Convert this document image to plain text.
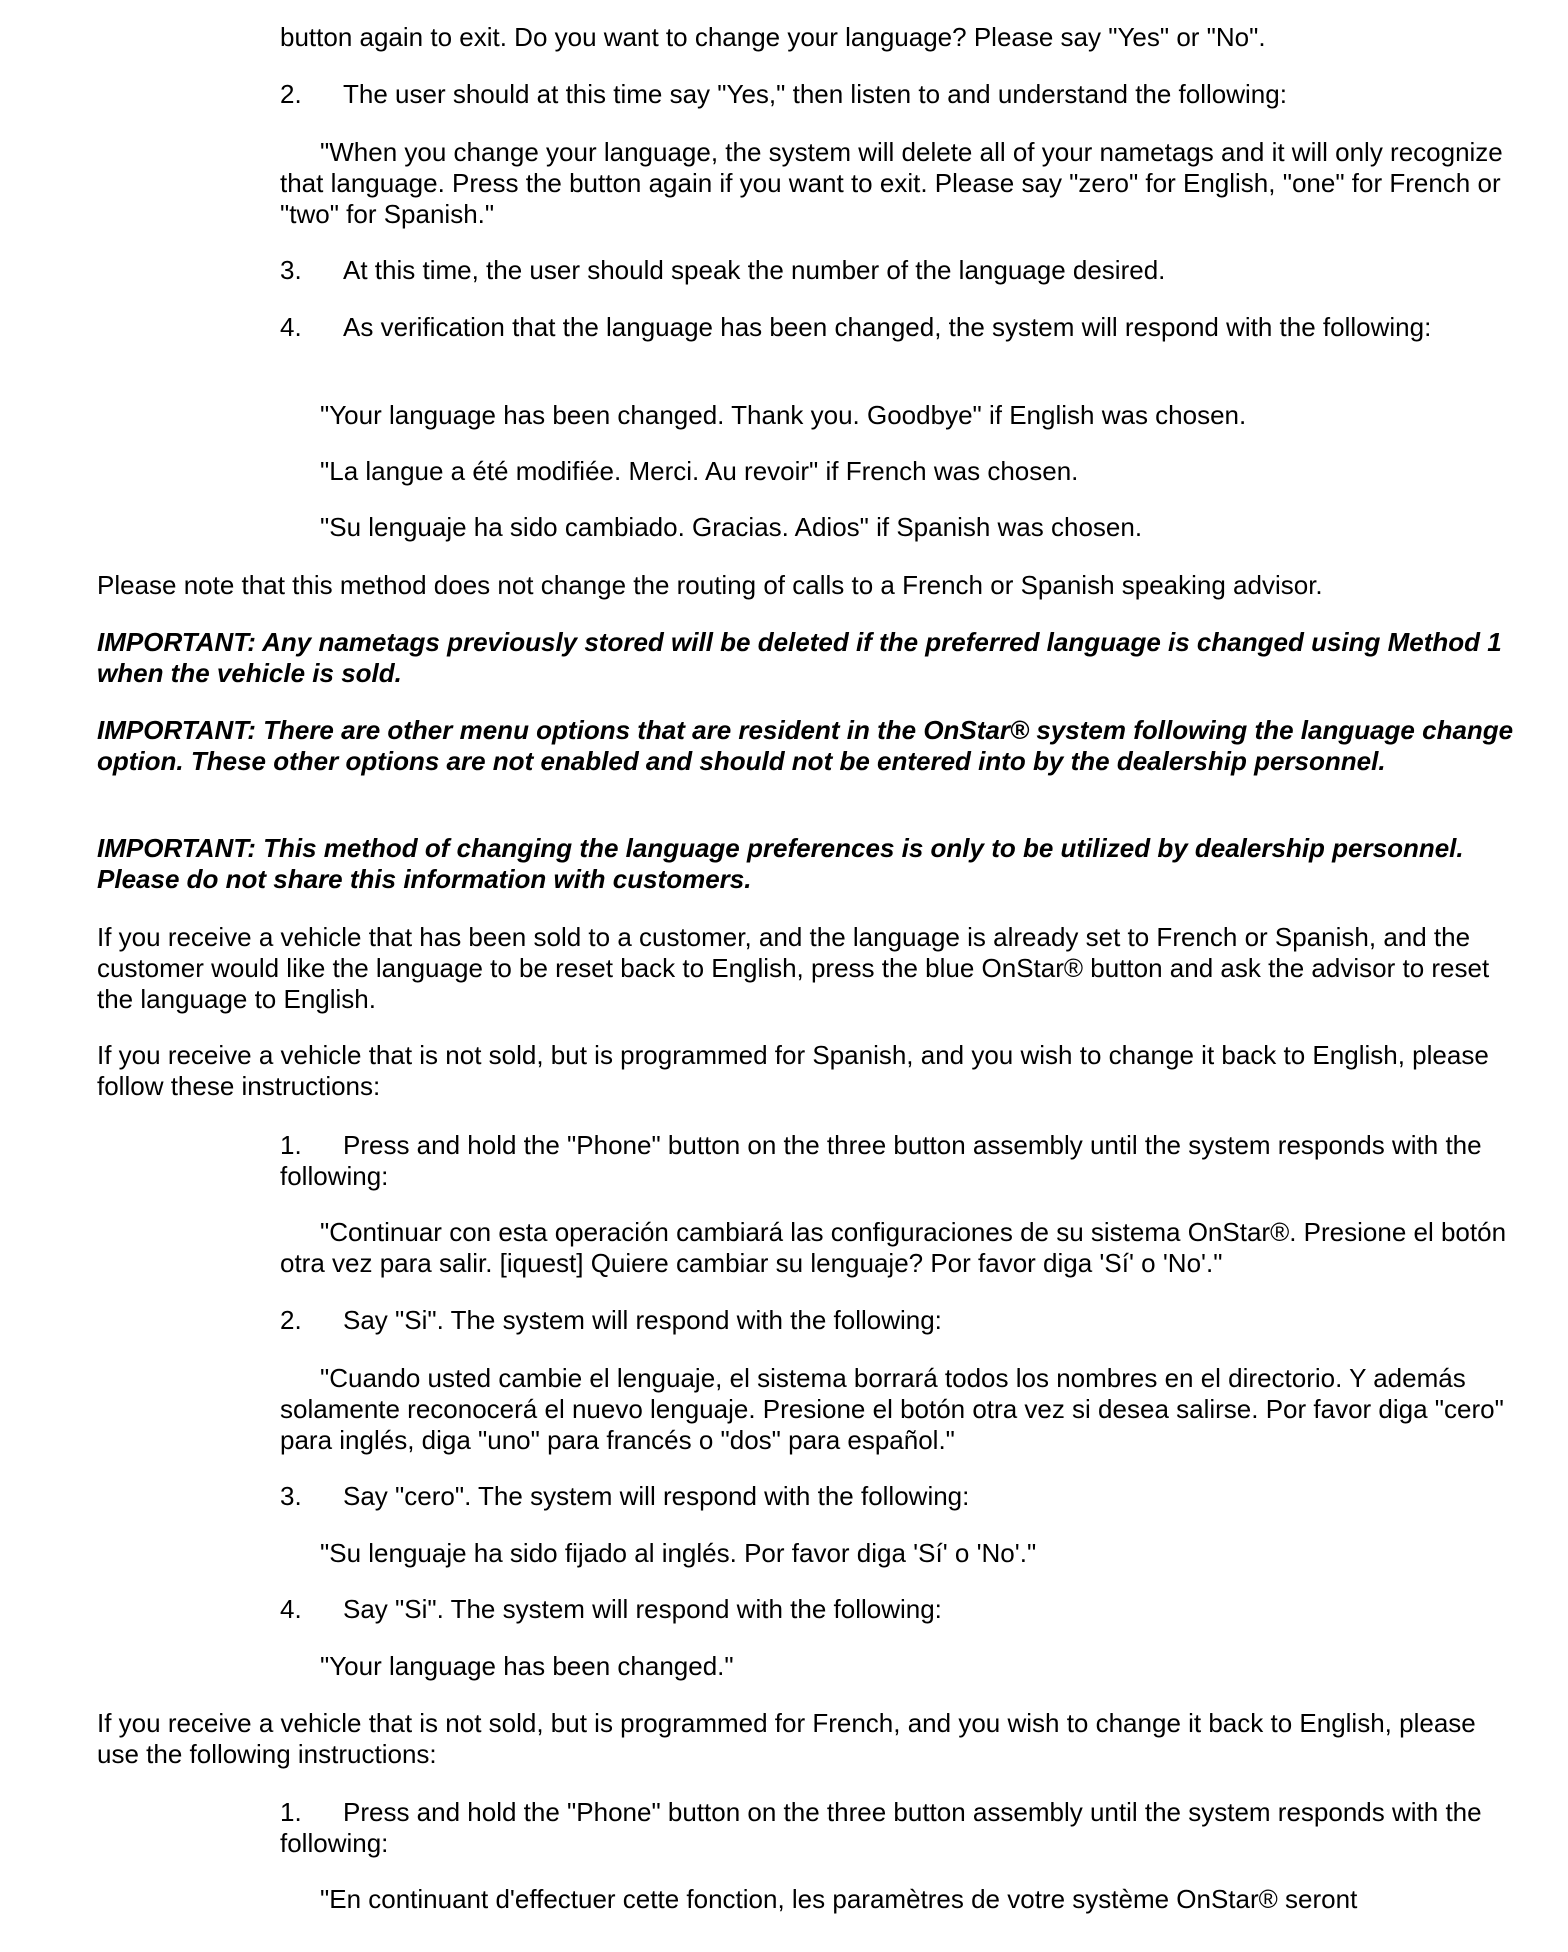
button again to exit. Do you want to change your language? Please say "Yes" or "No".

2. The user should at this time say "Yes," then listen to and understand the following:

"When you change your language, the system will delete all of your nametags and it will only recognize that language. Press the button again if you want to exit. Please say "zero" for English, "one" for French or "two" for Spanish."

3. At this time, the user should speak the number of the language desired.

4. As verification that the language has been changed, the system will respond with the following:

"Your language has been changed. Thank you. Goodbye" if English was chosen.

"La langue a été modifiée. Merci. Au revoir" if French was chosen.

"Su lenguaje ha sido cambiado. Gracias. Adios" if Spanish was chosen.

Please note that this method does not change the routing of calls to a French or Spanish speaking advisor.

IMPORTANT: Any nametags previously stored will be deleted if the preferred language is changed using Method 1 when the vehicle is sold.

IMPORTANT: There are other menu options that are resident in the OnStar® system following the language change option. These other options are not enabled and should not be entered into by the dealership personnel.

IMPORTANT: This method of changing the language preferences is only to be utilized by dealership personnel. Please do not share this information with customers.

If you receive a vehicle that has been sold to a customer, and the language is already set to French or Spanish, and the customer would like the language to be reset back to English, press the blue OnStar® button and ask the advisor to reset the language to English.

If you receive a vehicle that is not sold, but is programmed for Spanish, and you wish to change it back to English, please follow these instructions:

1. Press and hold the "Phone" button on the three button assembly until the system responds with the following:

"Continuar con esta operación cambiará las configuraciones de su sistema OnStar®. Presione el botón otra vez para salir. [iquest] Quiere cambiar su lenguaje? Por favor diga 'Sí' o 'No'."

2. Say "Si". The system will respond with the following:

"Cuando usted cambie el lenguaje, el sistema borrará todos los nombres en el directorio. Y además solamente reconocerá el nuevo lenguaje. Presione el botón otra vez si desea salirse. Por favor diga "cero" para inglés, diga "uno" para francés o "dos" para español."

3. Say "cero". The system will respond with the following:

"Su lenguaje ha sido fijado al inglés. Por favor diga 'Sí' o 'No'."

4. Say "Si". The system will respond with the following:

"Your language has been changed."

If you receive a vehicle that is not sold, but is programmed for French, and you wish to change it back to English, please use the following instructions:

1. Press and hold the "Phone" button on the three button assembly until the system responds with the following:

"En continuant d'effectuer cette fonction, les paramètres de votre système OnStar® seront
